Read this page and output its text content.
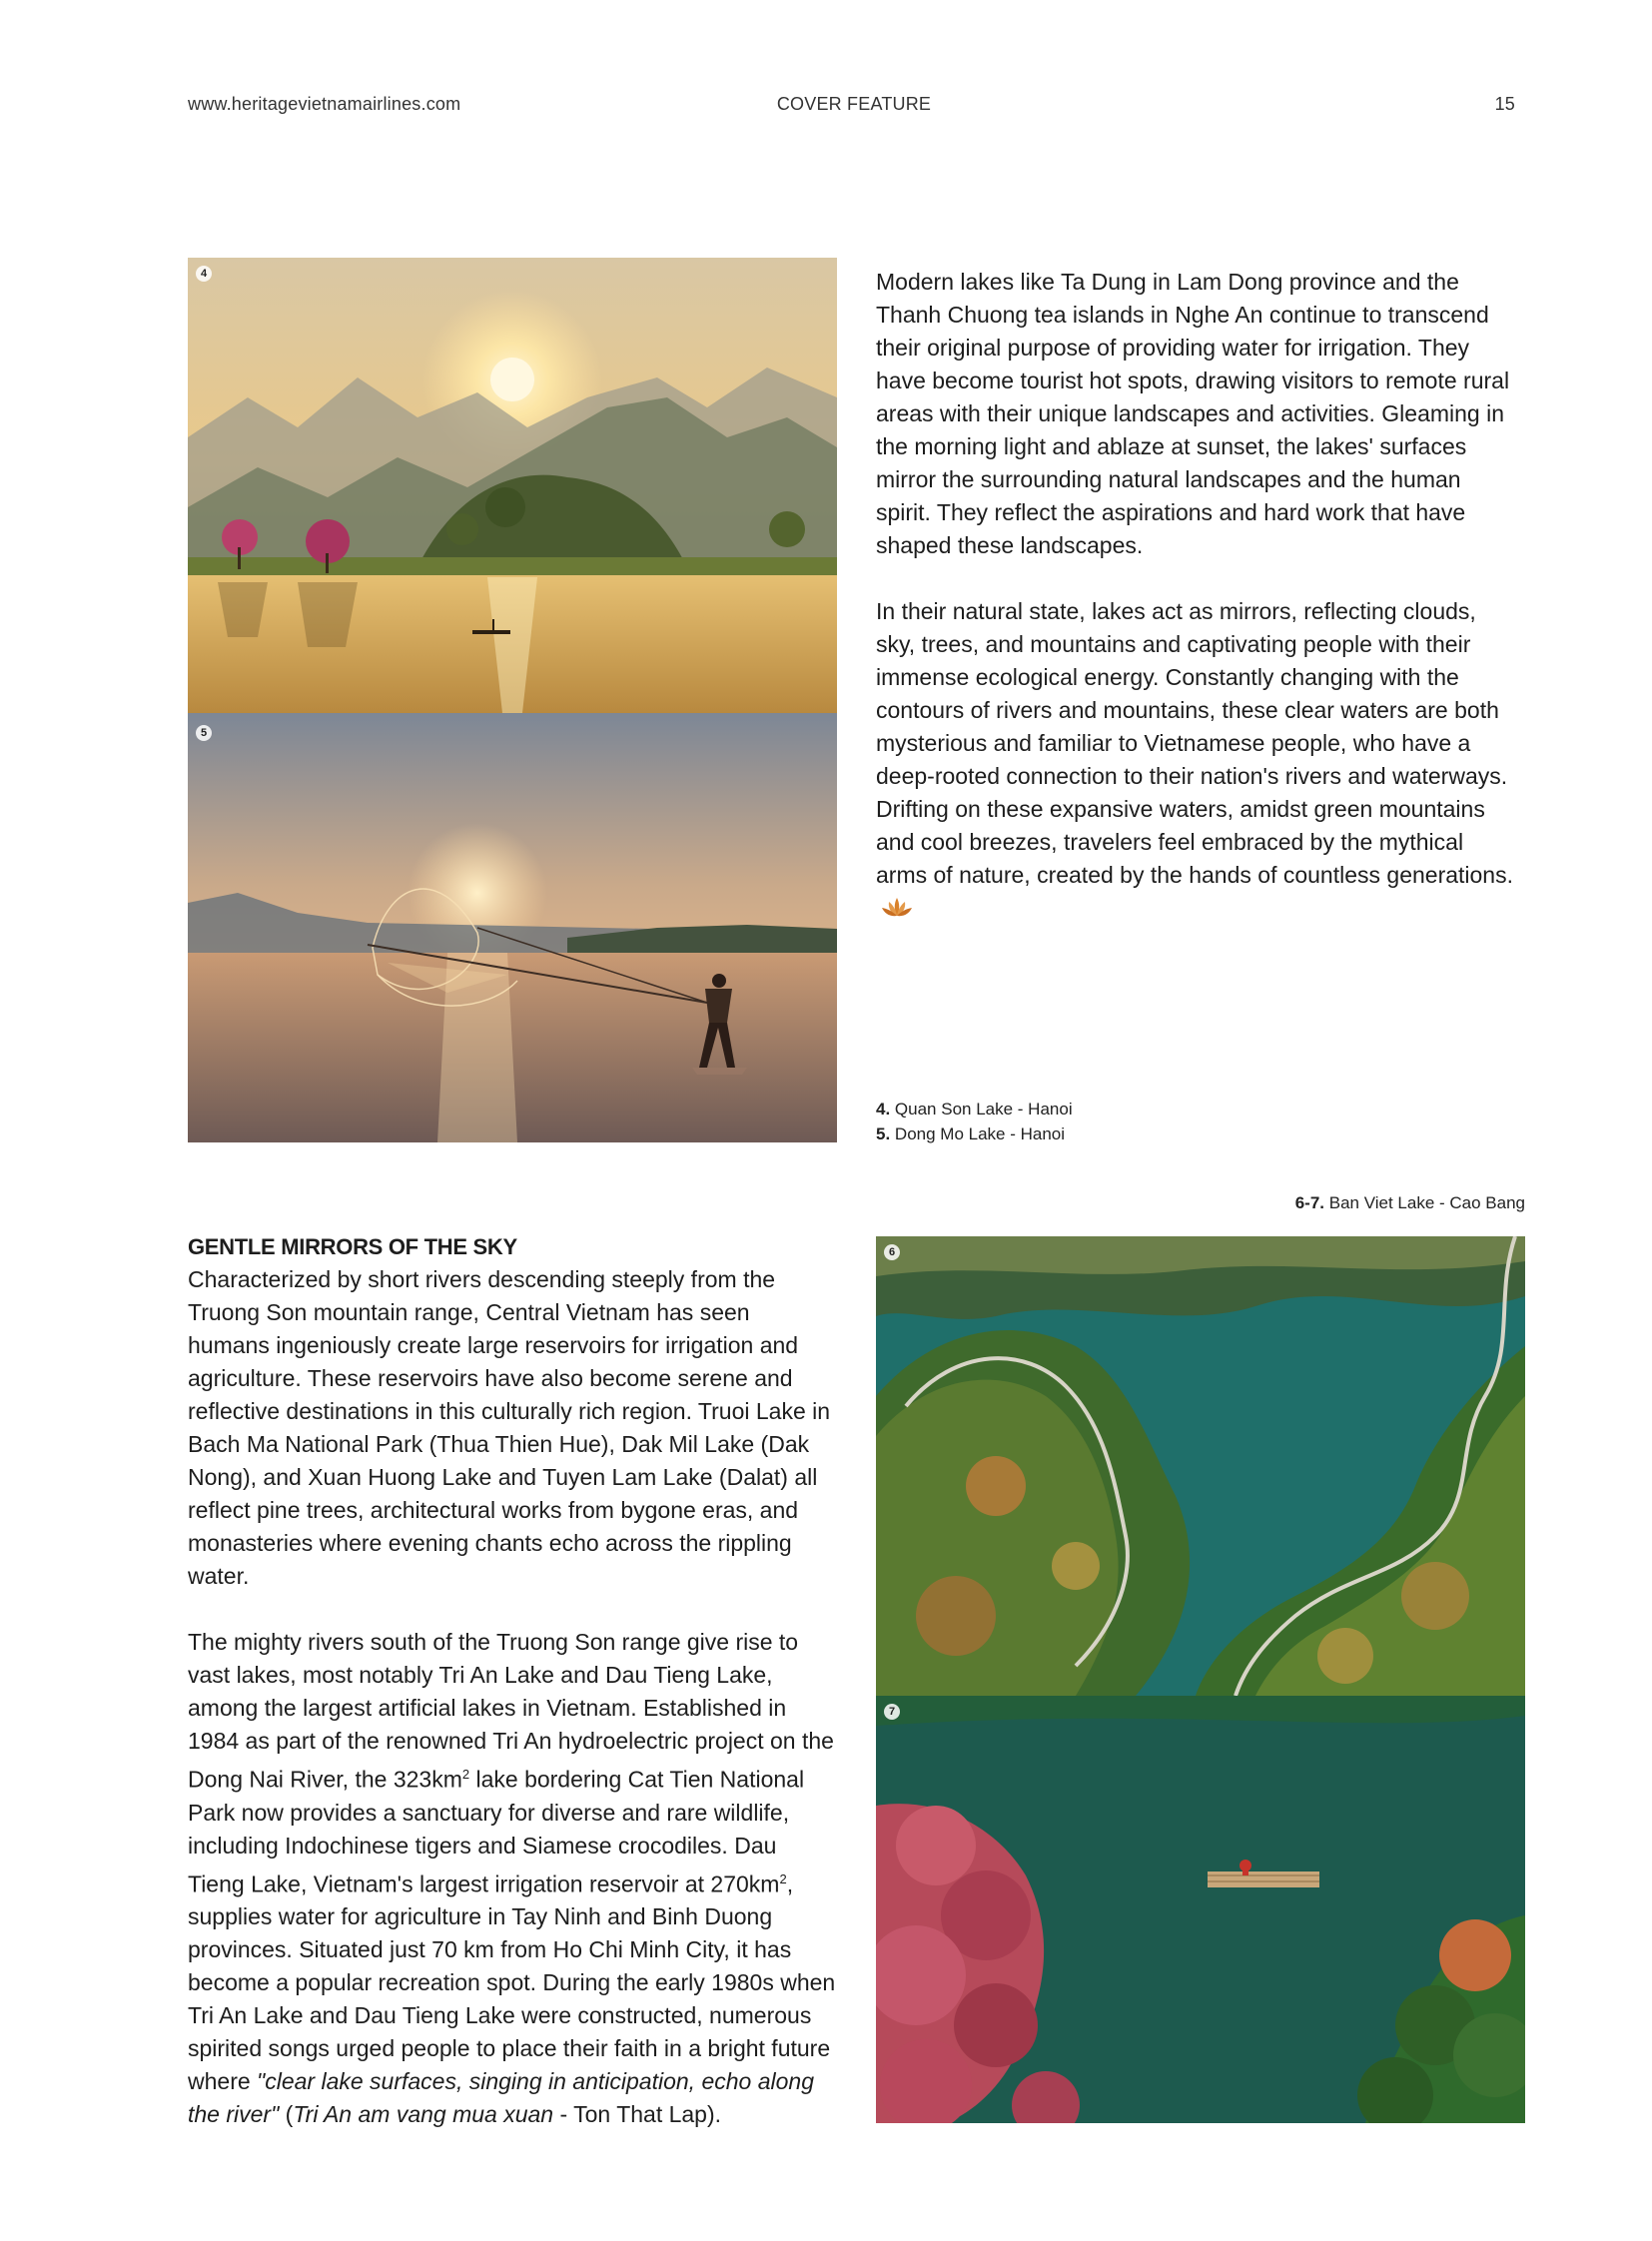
www.heritagevietnamairlines.com	COVER FEATURE	15
4
5

Modern lakes like Ta Dung in Lam Dong province and the Thanh Chuong tea islands in Nghe An continue to transcend their original purpose of providing water for irrigation. They have become tourist hot spots, drawing visitors to remote rural areas with their unique landscapes and activities. Gleaming in the morning light and ablaze at sunset, the lakes' surfaces mirror the surrounding natural landscapes and the human spirit. They reflect the aspirations and hard work that have shaped these landscapes.

In their natural state, lakes act as mirrors, reflecting clouds, sky, trees, and mountains and captivating people with their immense ecological energy. Constantly changing with the contours of rivers and mountains, these clear waters are both mysterious and familiar to Vietnamese people, who have a deep-rooted connection to their nation's rivers and waterways. Drifting on these expansive waters, amidst green mountains and cool breezes, travelers feel embraced by the mythical arms of nature, created by the hands of countless generations.

4. Quan Son Lake - Hanoi
5. Dong Mo Lake - Hanoi
6-7. Ban Viet Lake - Cao Bang
GENTLE MIRRORS OF THE SKY

Characterized by short rivers descending steeply from the Truong Son mountain range, Central Vietnam has seen humans ingeniously create large reservoirs for irrigation and agriculture. These reservoirs have also become serene and reflective destinations in this culturally rich region. Truoi Lake in Bach Ma National Park (Thua Thien Hue), Dak Mil Lake (Dak Nong), and Xuan Huong Lake and Tuyen Lam Lake (Dalat) all reflect pine trees, architectural works from bygone eras, and monasteries where evening chants echo across the rippling water.

The mighty rivers south of the Truong Son range give rise to vast lakes, most notably Tri An Lake and Dau Tieng Lake, among the largest artificial lakes in Vietnam. Established in 1984 as part of the renowned Tri An hydroelectric project on the Dong Nai River, the $323km^2$ lake bordering Cat Tien National Park now provides a sanctuary for diverse and rare wildlife, including Indochinese tigers and Siamese crocodiles. Dau Tieng Lake, Vietnam's largest irrigation reservoir at $270km^2$, supplies water for agriculture in Tay Ninh and Binh Duong provinces. Situated just 70 km from Ho Chi Minh City, it has become a popular recreation spot. During the early 1980s when Tri An Lake and Dau Tieng Lake were constructed, numerous spirited songs urged people to place their faith in a bright future where "clear lake surfaces, singing in anticipation, echo along the river" (Tri An am vang mua xuan - Ton That Lap).

6
7
